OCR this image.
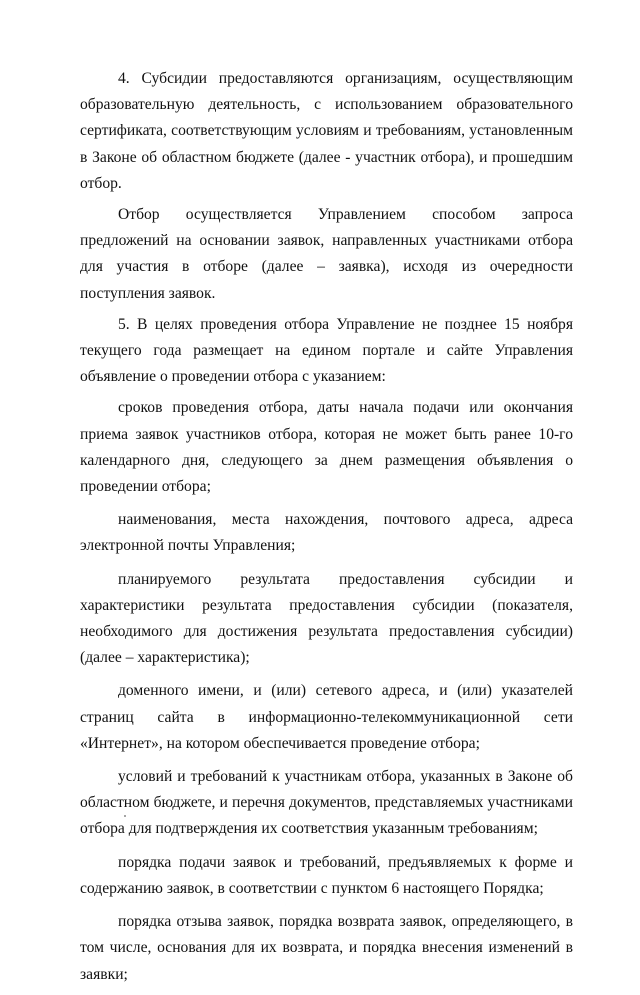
4. Субсидии предоставляются организациям, осуществляющим образовательную деятельность, с использованием образовательного сертификата, соответствующим условиям и требованиям, установленным в Законе об областном бюджете (далее - участник отбора), и прошедшим отбор.

Отбор осуществляется Управлением способом запроса предложений на основании заявок, направленных участниками отбора для участия в отборе (далее – заявка), исходя из очередности поступления заявок.

5. В целях проведения отбора Управление не позднее 15 ноября текущего года размещает на едином портале и сайте Управления объявление о проведении отбора с указанием:

сроков проведения отбора, даты начала подачи или окончания приема заявок участников отбора, которая не может быть ранее 10-го календарного дня, следующего за днем размещения объявления о проведении отбора;

наименования, места нахождения, почтового адреса, адреса электронной почты Управления;

планируемого результата предоставления субсидии и характеристики результата предоставления субсидии (показателя, необходимого для достижения результата предоставления субсидии) (далее – характеристика);

доменного имени, и (или) сетевого адреса, и (или) указателей страниц сайта в информационно-телекоммуникационной сети «Интернет», на котором обеспечивается проведение отбора;

условий и требований к участникам отбора, указанных в Законе об областном бюджете, и перечня документов, представляемых участниками отбора для подтверждения их соответствия указанным требованиям;

порядка подачи заявок и требований, предъявляемых к форме и содержанию заявок, в соответствии с пунктом 6 настоящего Порядка;

порядка отзыва заявок, порядка возврата заявок, определяющего, в том числе, основания для их возврата, и порядка внесения изменений в заявки;
